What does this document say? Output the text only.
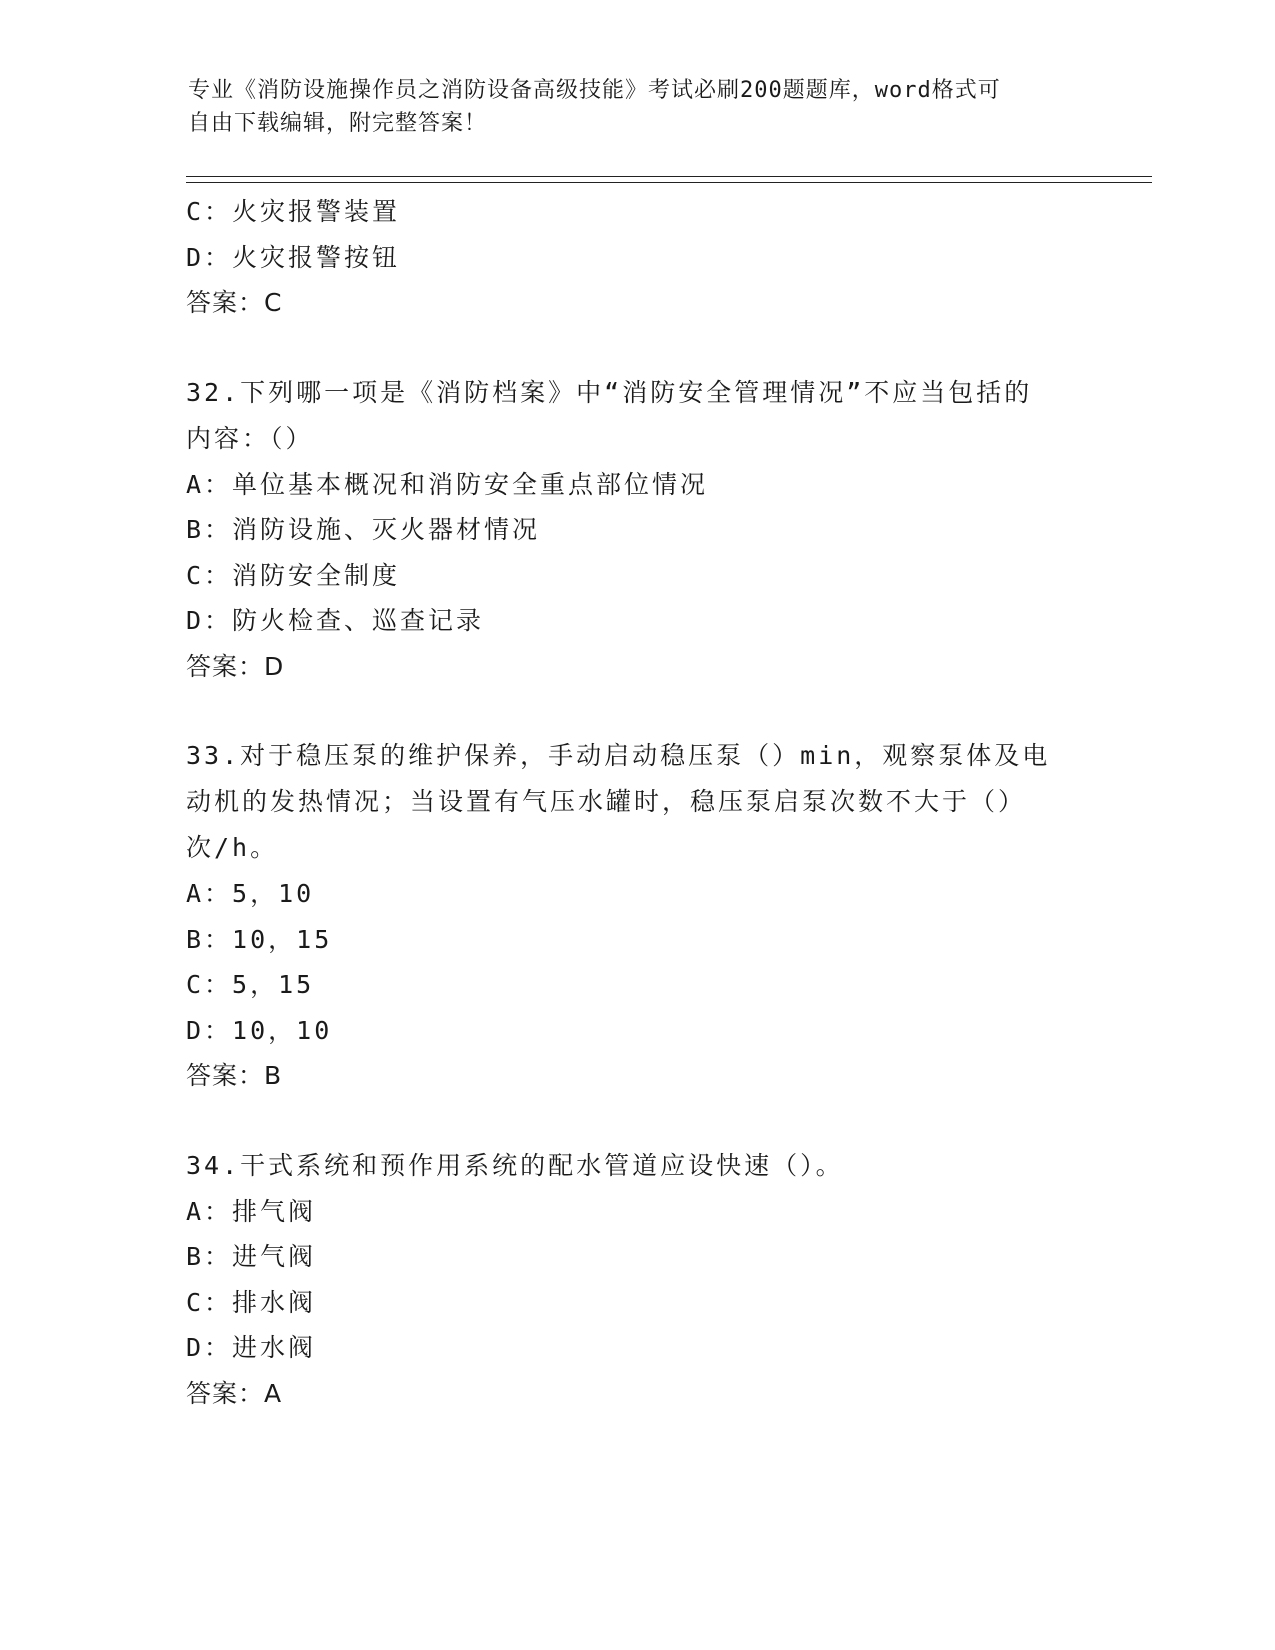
专业《消防设施操作员之消防设备高级技能》考试必刷200题题库，word格式可
自由下载编辑，附完整答案！
C：火灾报警装置
D：火灾报警按钮
答案：C
32.下列哪一项是《消防档案》中“消防安全管理情况”不应当包括的
内容：（）
A：单位基本概况和消防安全重点部位情况
B：消防设施、灭火器材情况
C：消防安全制度
D：防火检查、巡查记录
答案：D
33.对于稳压泵的维护保养，手动启动稳压泵（）min，观察泵体及电
动机的发热情况；当设置有气压水罐时，稳压泵启泵次数不大于（）
次/h。
A：5，10
B：10，15
C：5，15
D：10，10
答案：B
34.干式系统和预作用系统的配水管道应设快速（）。
A：排气阀
B：进气阀
C：排水阀
D：进水阀
答案：A
